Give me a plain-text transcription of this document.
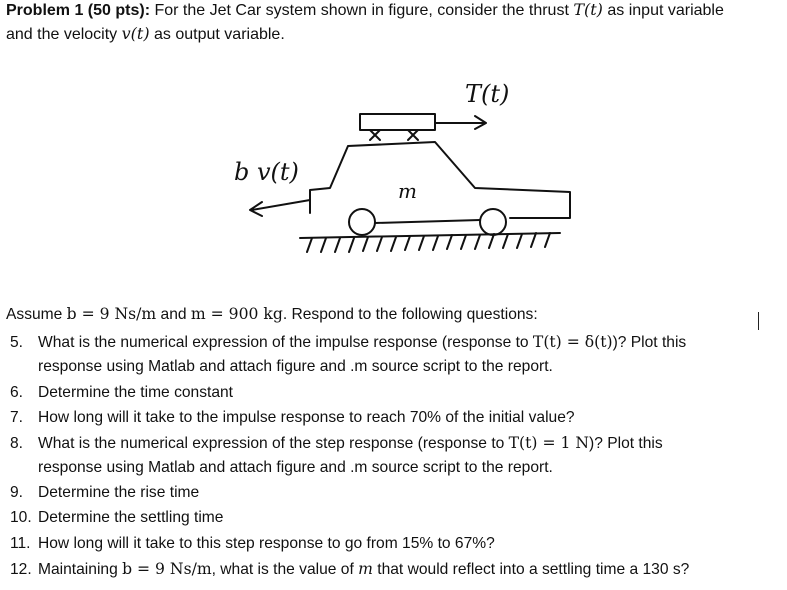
Problem 1 (50 pts): For the Jet Car system shown in figure, consider the thrust T(t) as input variable
and the velocity v(t) as output variable.
T(t)
b v(t)
m
Assume b = 9 Ns/m and m = 900 kg. Respond to the following questions:
5. What is the numerical expression of the impulse response (response to T(t) = δ(t))? Plot this
response using Matlab and attach figure and .m source script to the report.
6. Determine the time constant
7. How long will it take to the impulse response to reach 70% of the initial value?
8. What is the numerical expression of the step response (response to T(t) = 1 N)? Plot this
response using Matlab and attach figure and .m source script to the report.
9. Determine the rise time
10. Determine the settling time
11. How long will it take to this step response to go from 15% to 67%?
12. Maintaining b = 9 Ns/m, what is the value of m that would reflect into a settling time a 130 s?
